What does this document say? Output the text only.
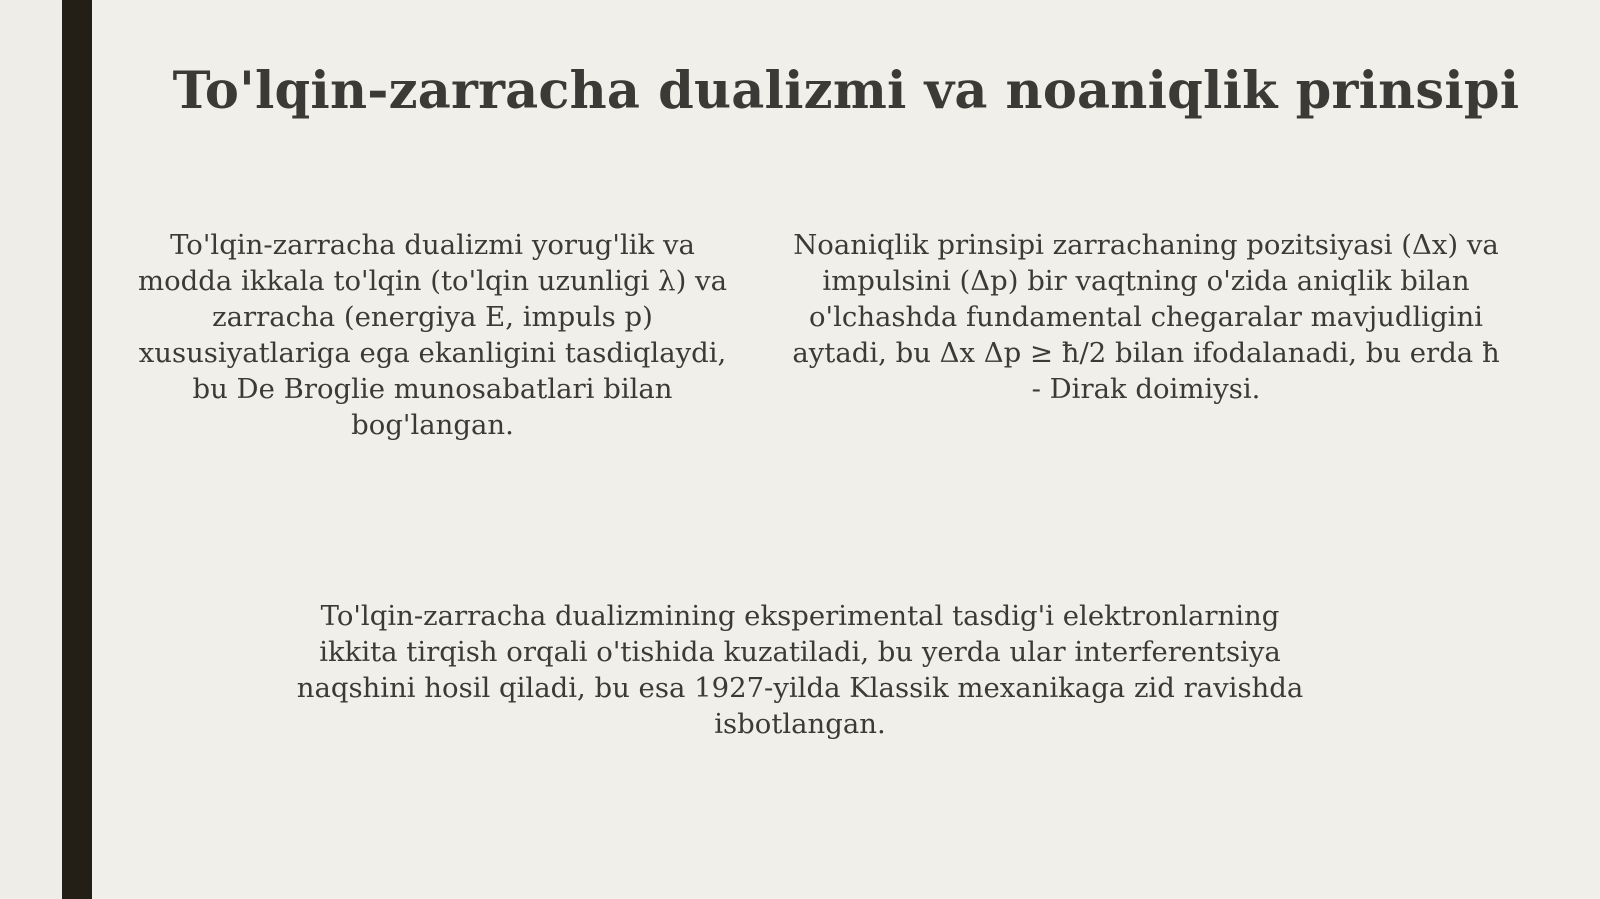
To'lqin-zarracha dualizmi va noaniqlik prinsipi

To'lqin-zarracha dualizmi yorug'lik va modda ikkala to'lqin (to'lqin uzunligi λ) va zarracha (energiya E, impuls p) xususiyatlariga ega ekanligini tasdiqlaydi, bu De Broglie munosabatlari bilan bog'langan.

Noaniqlik prinsipi zarrachaning pozitsiyasi (Δx) va impulsini (Δp) bir vaqtning o'zida aniqlik bilan o'lchashda fundamental chegaralar mavjudligini aytadi, bu Δx Δp ≥ ħ/2 bilan ifodalanadi, bu erda ħ - Dirak doimiysi.

To'lqin-zarracha dualizmining eksperimental tasdig'i elektronlarning ikkita tirqish orqali o'tishida kuzatiladi, bu yerda ular interferentsiya naqshini hosil qiladi, bu esa 1927-yilda Klassik mexanikaga zid ravishda isbotlangan.
